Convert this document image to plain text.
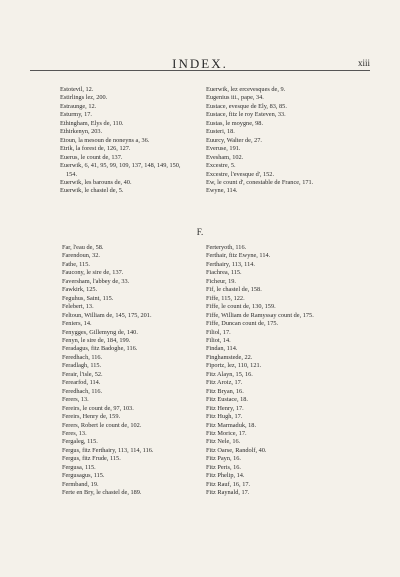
INDEX.	xiii
Estotevil, 12.
Estirlings lez, 200.
Estraunge, 12.
Esturmy, 17.
Ethingham, Elys de, 110.
Ethirkenyn, 203.
Etoun, la mesoun de noneyns a, 36.
Etrik, la forest de, 126, 127.
Euerus, le count de, 137.
Euerwik, 6, 41, 95, 99, 109, 137, 148, 149, 150,
154.
Euerwik, les barouns de, 40.
Euerwik, le chastel de, 5.
Euerwik, lez ercevesques de, 9.
Eugenius iii., pape, 34.
Eustace, evesque de Ely, 83, 85.
Eustace, fitz le roy Esteven, 33.
Eustas, le moygne, 98.
Eusteri, 18.
Euurcy, Walter de, 27.
Everuse, 191.
Evesham, 102.
Excestre, 5.
Excestre, l'evesque d', 152.
Ew, le count d', conestable de France, 171.
Ewyne, 114.
F.
Far, l'eau de, 58.
Farendoun, 32.
Fathe, 115.
Faucony, le sire de, 137.
Faversham, l'abbey de, 33.
Fawkirk, 125.
Feguhus, Saint, 115.
Felebert, 13.
Feltoun, William de, 145, 175, 201.
Feniers, 14.
Fenygges, Gillemyng de, 140.
Fenyn, le sire de, 184, 199.
Feradagus, fitz Badoghe, 116.
Feredhach, 116.
Feradlagh, 115.
Ferair, l'isle, 52.
Ferearfod, 114.
Feredhach, 116.
Ferers, 13.
Fereirs, le count de, 97, 103.
Fereirs, Henry de, 159.
Ferers, Robert le count de, 102.
Feres, 13.
Fergaleg, 115.
Fergus, fitz Ferthairy, 113, 114, 116.
Fergus, fitz Frude, 115.
Fergusa, 115.
Fergusagus, 115.
Fermband, 19.
Ferte en Bry, le chastel de, 189.
Ferteryoth, 116.
Ferthair, fitz Ewyne, 114.
Ferthairy, 113, 114.
Fiachrea, 115.
Ficheur, 19.
Fif, le chastel de, 158.
Fiffe, 115, 122.
Fiffe, le count de, 130, 159.
Fiffe, William de Ramyssay count de, 175.
Fiffe, Duncan count de, 175.
Filiol, 17.
Filiot, 14.
Findan, 114.
Finghamstede, 22.
Fiportz, lez, 110, 121.
Fitz Alayn, 15, 16.
Fitz Aroiz, 17.
Fitz Bryan, 16.
Fitz Eustace, 18.
Fitz Henry, 17.
Fitz Hugh, 17.
Fitz Marmaduk, 18.
Fitz Morice, 17.
Fitz Nele, 16.
Fitz Oarse, Randolf, 40.
Fitz Payn, 16.
Fitz Peris, 16.
Fitz Phelip, 14.
Fitz Rauf, 16, 17.
Fitz Raynald, 17.
